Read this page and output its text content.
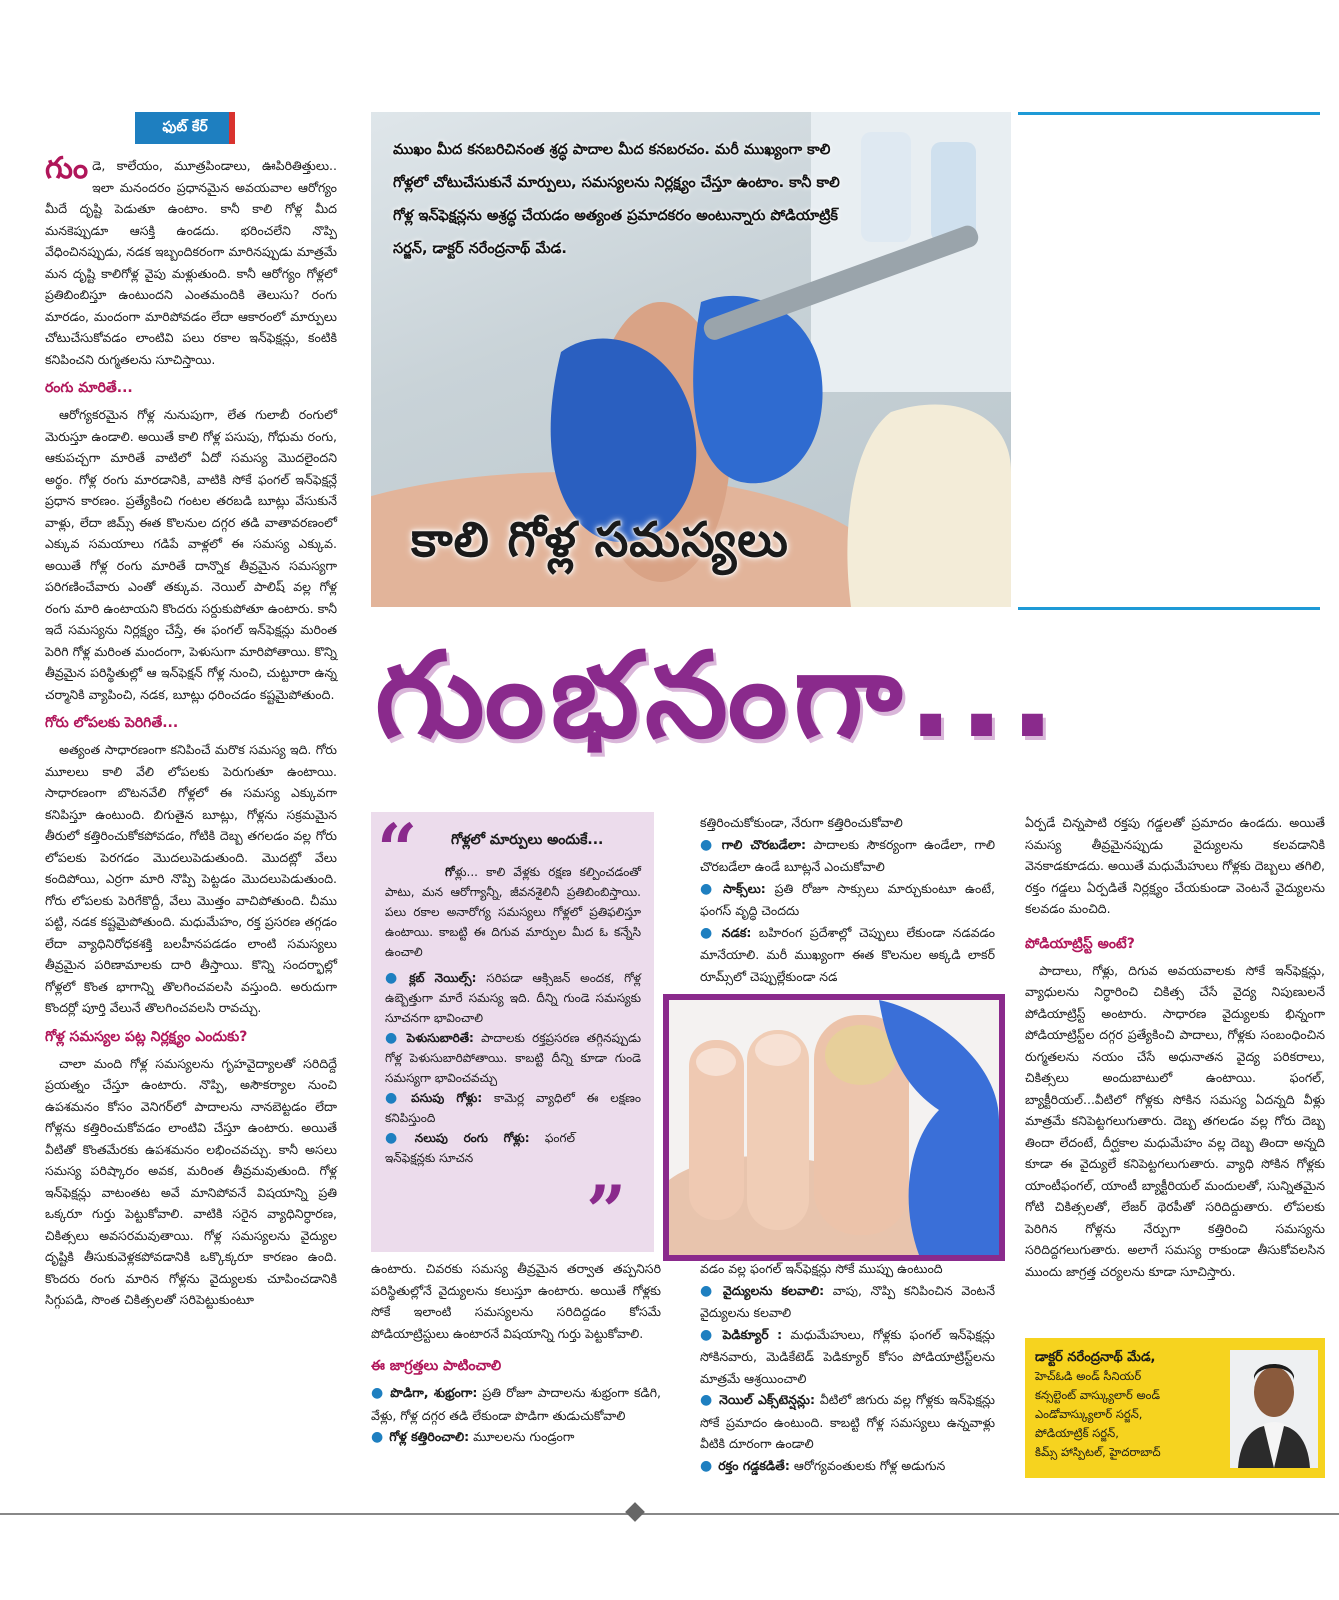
ఫుట్ కేర్

గుండె, కాలేయం, మూత్రపిండాలు, ఊపిరితిత్తులు.. ఇలా మనందరం ప్రధానమైన అవయవాల ఆరోగ్యం మీదే దృష్టి పెడుతూ ఉంటాం. కానీ కాలి గోళ్ల మీద మనకెప్పుడూ ఆసక్తి ఉండదు. భరించలేని నొప్పి వేధించినప్పుడు, నడక ఇబ్బందికరంగా మారినప్పుడు మాత్రమే మన దృష్టి కాలిగోళ్ల వైపు మళ్లుతుంది. కానీ ఆరోగ్యం గోళ్లలో ప్రతిబింబిస్తూ ఉంటుందని ఎంతమందికి తెలుసు? రంగు మారడం, మందంగా మారిపోవడం లేదా ఆకారంలో మార్పులు చోటుచేసుకోవడం లాంటివి పలు రకాల ఇన్‌ఫెక్షన్లు, కంటికి కనిపించని రుగ్మతలను సూచిస్తాయి.

రంగు మారితే...

ఆరోగ్యకరమైన గోళ్ల నునుపుగా, లేత గులాబీ రంగులో మెరుస్తూ ఉండాలి. అయితే కాలి గోళ్ల పసుపు, గోధుమ రంగు, ఆకుపచ్చగా మారితే వాటిలో ఏదో సమస్య మొదలైందని అర్థం. గోళ్ల రంగు మారడానికి, వాటికి సోకే ఫంగల్ ఇన్‌ఫెక్షన్లే ప్రధాన కారణం. ప్రత్యేకించి గంటల తరబడి బూట్లు వేసుకునే వాళ్లు, లేదా జిమ్స్ ఈత కొలనుల దగ్గర తడి వాతావరణంలో ఎక్కువ సమయాలు గడిపే వాళ్లలో ఈ సమస్య ఎక్కువ. అయితే గోళ్ల రంగు మారితే దాన్నొక తీవ్రమైన సమస్యగా పరిగణించేవారు ఎంతో తక్కువ. నెయిల్ పాలిష్ వల్ల గోళ్ల రంగు మారి ఉంటాయని కొందరు సర్దుకుపోతూ ఉంటారు. కానీ ఇదే సమస్యను నిర్లక్ష్యం చేస్తే, ఈ ఫంగల్ ఇన్‌ఫెక్షన్లు మరింత పెరిగి గోళ్ల మరింత మందంగా, పెళుసుగా మారిపోతాయి. కొన్ని తీవ్రమైన పరిస్థితుల్లో ఆ ఇన్‌ఫెక్షన్ గోళ్ల నుంచి, చుట్టూరా ఉన్న చర్మానికి వ్యాపించి, నడక, బూట్లు ధరించడం కష్టమైపోతుంది.

గోరు లోపలకు పెరిగితే...

అత్యంత సాధారణంగా కనిపించే మరొక సమస్య ఇది. గోరు మూలలు కాలి వేలి లోపలకు పెరుగుతూ ఉంటాయి. సాధారణంగా బొటనవేలి గోళ్లలో ఈ సమస్య ఎక్కువగా కనిపిస్తూ ఉంటుంది. బిగుతైన బూట్లు, గోళ్లను సక్రమమైన తీరులో కత్తిరించుకోకపోవడం, గోటికి దెబ్బ తగలడం వల్ల గోరు లోపలకు పెరగడం మొదలుపెడుతుంది. మొదట్లో వేలు కందిపోయి, ఎర్రగా మారి నొప్పి పెట్టడం మొదలుపెడుతుంది. గోరు లోపలకు పెరిగేకొద్దీ, వేలు మొత్తం వాచిపోతుంది. చీము పట్టి, నడక కష్టమైపోతుంది. మధుమేహం, రక్త ప్రసరణ తగ్గడం లేదా వ్యాధినిరోధకశక్తి బలహీనపడడం లాంటి సమస్యలు తీవ్రమైన పరిణామాలకు దారి తీస్తాయి. కొన్ని సందర్భాల్లో గోళ్లలో కొంత భాగాన్ని తొలగించవలసి వస్తుంది. అరుదుగా కొందర్లో పూర్తి వేలునే తొలగించవలసి రావచ్చు.

గోళ్ల సమస్యల పట్ల నిర్లక్ష్యం ఎందుకు?

చాలా మంది గోళ్ల సమస్యలను గృహవైద్యాలతో సరిదిద్దే ప్రయత్నం చేస్తూ ఉంటారు. నొప్పి, అసౌకర్యాల నుంచి ఉపశమనం కోసం వెనిగర్‌లో పాదాలను నానబెట్టడం లేదా గోళ్లను కత్తిరించుకోవడం లాంటివి చేస్తూ ఉంటారు. అయితే వీటితో కొంతమేరకు ఉపశమనం లభించవచ్చు. కానీ అసలు సమస్య పరిష్కారం అవక, మరింత తీవ్రమవుతుంది. గోళ్ల ఇన్‌ఫెక్షన్లు వాటంతట అవే మానిపోవనే విషయాన్ని ప్రతి ఒక్కరూ గుర్తు పెట్టుకోవాలి. వాటికి సరైన వ్యాధినిర్ధారణ, చికిత్సలు అవసరమవుతాయి. గోళ్ల సమస్యలను వైద్యుల దృష్టికి తీసుకువెళ్లకపోవడానికి ఒక్కొక్కరూ కారణం ఉంది. కొందరు రంగు మారిన గోళ్లను వైద్యులకు చూపించడానికి సిగ్గుపడి, సొంత చికిత్సలతో సరిపెట్టుకుంటూ

ముఖం మీద కనబరిచినంత శ్రద్ధ పాదాల మీద కనబరచం. మరీ ముఖ్యంగా కాలి గోళ్లలో చోటుచేసుకునే మార్పులు, సమస్యలను నిర్లక్ష్యం చేస్తూ ఉంటాం. కానీ కాలి గోళ్ల ఇన్‌ఫెక్షన్లను అశ్రద్ధ చేయడం అత్యంత ప్రమాదకరం అంటున్నారు పోడియాట్రిక్ సర్జన్, డాక్టర్ నరేంద్రనాథ్ మేడ.
కాలి గోళ్ల సమస్యలు
గుంభనంగా...
“ గోళ్లలో మార్పులు అందుకే...

గోళ్లు... కాలి వేళ్లకు రక్షణ కల్పించడంతో పాటు, మన ఆరోగ్యాన్నీ, జీవనశైలినీ ప్రతిబింబిస్తాయి. పలు రకాల అనారోగ్య సమస్యలు గోళ్లలో ప్రతిఫలిస్తూ ఉంటాయి. కాబట్టి ఈ దిగువ మార్పుల మీద ఓ కన్నేసి ఉంచాలి

● క్లబ్ నెయిల్స్: సరిపడా ఆక్సిజన్ అందక, గోళ్ల ఉబ్బెత్తుగా మారే సమస్య ఇది. దీన్ని గుండె సమస్యకు సూచనగా భావించాలి

● పెళుసుబారితే: పాదాలకు రక్తప్రసరణ తగ్గినప్పుడు గోళ్ల పెళుసుబారిపోతాయి. కాబట్టి దీన్ని కూడా గుండె సమస్యగా భావించవచ్చు

● పసుపు గోళ్లు: కామెర్ల వ్యాధిలో ఈ లక్షణం కనిపిస్తుంది

● నలుపు రంగు గోళ్లు: ఫంగల్ ఇన్‌ఫెక్షన్లకు సూచన

”

ఉంటారు. చివరకు సమస్య తీవ్రమైన తర్వాత తప్పనిసరి పరిస్థితుల్లోనే వైద్యులను కలుస్తూ ఉంటారు. అయితే గోళ్లకు సోకే ఇలాంటి సమస్యలను సరిదిద్దడం కోసమే పోడియాట్రిస్టులు ఉంటారనే విషయాన్ని గుర్తు పెట్టుకోవాలి.

ఈ జాగ్రత్తలు పాటించాలి

● పొడిగా, శుభ్రంగా: ప్రతి రోజూ పాదాలను శుభ్రంగా కడిగి, వేళ్లు, గోళ్ల దగ్గర తడి లేకుండా పొడిగా తుడుచుకోవాలి

● గోళ్ల కత్తిరించాలి: మూలలను గుండ్రంగా

కత్తిరించుకోకుండా, నేరుగా కత్తిరించుకోవాలి

● గాలి చొరబడేలా: పాదాలకు సౌకర్యంగా ఉండేలా, గాలి చొరబడేలా ఉండే బూట్లనే ఎంచుకోవాలి

● సాక్స్‌లు: ప్రతి రోజూ సాక్సులు మార్చుకుంటూ ఉంటే, ఫంగస్ వృద్ధి చెందదు

● నడక: బహిరంగ ప్రదేశాల్లో చెప్పులు లేకుండా నడవడం మానేయాలి. మరీ ముఖ్యంగా ఈత కొలనుల అక్కడి లాకర్ రూమ్స్‌లో చెప్పుల్లేకుండా నడ

వడం వల్ల ఫంగల్ ఇన్‌ఫెక్షన్లు సోకే ముప్పు ఉంటుంది

● వైద్యులను కలవాలి: వాపు, నొప్పి కనిపించిన వెంటనే వైద్యులను కలవాలి

● పెడిక్యూర్ : మధుమేహులు, గోళ్లకు ఫంగల్ ఇన్‌ఫెక్షన్లు సోకినవారు, మెడికేటెడ్ పెడిక్యూర్ కోసం పోడియాట్రిస్ట్‌లను మాత్రమే ఆశ్రయించాలి

● నెయిల్ ఎక్స్‌టెన్షన్లు: వీటిలో జిగురు వల్ల గోళ్లకు ఇన్‌ఫెక్షన్లు సోకే ప్రమాదం ఉంటుంది. కాబట్టి గోళ్ల సమస్యలు ఉన్నవాళ్లు వీటికి దూరంగా ఉండాలి

● రక్తం గడ్డకడితే: ఆరోగ్యవంతులకు గోళ్ల అడుగున

ఏర్పడే చిన్నపాటి రక్తపు గడ్డలతో ప్రమాదం ఉండదు. అయితే సమస్య తీవ్రమైనప్పుడు వైద్యులను కలవడానికి వెనకాడకూడదు. అయితే మధుమేహులు గోళ్లకు దెబ్బలు తగిలి, రక్తం గడ్డలు ఏర్పడితే నిర్లక్ష్యం చేయకుండా వెంటనే వైద్యులను కలవడం మంచిది.

పోడియాట్రిస్ట్ అంటే?

పాదాలు, గోళ్లు, దిగువ అవయవాలకు సోకే ఇన్‌ఫెక్షన్లు, వ్యాధులను నిర్ధారించి చికిత్స చేసే వైద్య నిపుణులనే పోడియాట్రిస్ట్ అంటారు. సాధారణ వైద్యులకు భిన్నంగా పోడియాట్రిస్ట్‌ల దగ్గర ప్రత్యేకించి పాదాలు, గోళ్లకు సంబంధించిన రుగ్మతలను నయం చేసే అధునాతన వైద్య పరికరాలు, చికిత్సలు అందుబాటులో ఉంటాయి. ఫంగల్, బ్యాక్టీరియల్...వీటిలో గోళ్లకు సోకిన సమస్య ఏదన్నది వీళ్లు మాత్రమే కనిపెట్టగలుగుతారు. దెబ్బ తగలడం వల్ల గోరు దెబ్బ తిందా లేదంటే, దీర్ఘకాల మధుమేహం వల్ల దెబ్బ తిందా అన్నది కూడా ఈ వైద్యులే కనిపెట్టగలుగుతారు. వ్యాధి సోకిన గోళ్లకు యాంటీఫంగల్, యాంటీ బ్యాక్టీరియల్ మందులతో, సున్నితమైన గోటి చికిత్సలతో, లేజర్ థెరపీతో సరిదిద్దుతారు. లోపలకు పెరిగిన గోళ్లను నేర్పుగా కత్తిరించి సమస్యను సరిదిద్దగలుగుతారు. అలాగే సమస్య రాకుండా తీసుకోవలసిన ముందు జాగ్రత్త చర్యలను కూడా సూచిస్తారు.

డాక్టర్ నరేంద్రనాథ్ మేడ,
హెచ్‌ఓడి అండ్ సీనియర్
కన్సల్టెంట్ వాస్క్యులార్ అండ్
ఎండోవాస్క్యులార్ సర్జన్,
పోడియాట్రిక్ సర్జన్,
కిమ్స్ హాస్పిటల్, హైదరాబాద్
